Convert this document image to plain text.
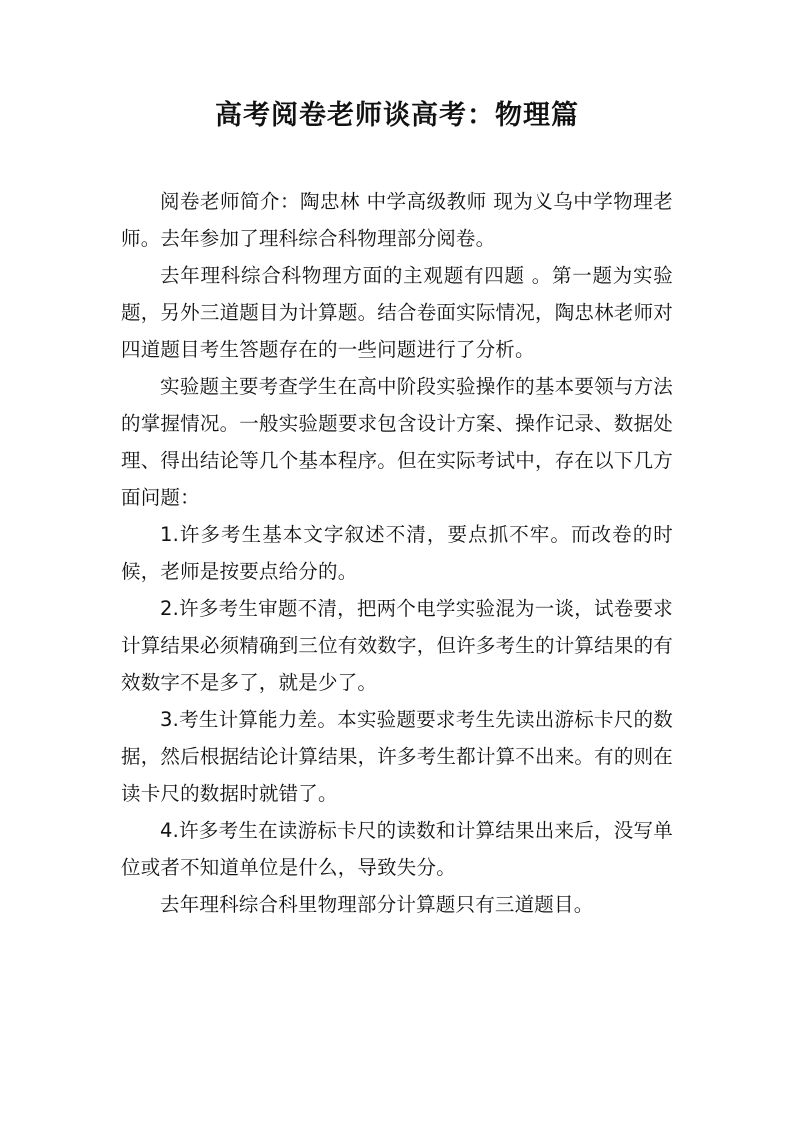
高考阅卷老师谈高考：物理篇

阅卷老师简介：陶忠林 中学高级教师 现为义乌中学物理老师。去年参加了理科综合科物理部分阅卷。

去年理科综合科物理方面的主观题有四题 。第一题为实验题，另外三道题目为计算题。结合卷面实际情况，陶忠林老师对四道题目考生答题存在的一些问题进行了分析。

实验题主要考查学生在高中阶段实验操作的基本要领与方法的掌握情况。一般实验题要求包含设计方案、操作记录、数据处理、得出结论等几个基本程序。但在实际考试中，存在以下几方面问题：

1.许多考生基本文字叙述不清，要点抓不牢。而改卷的时候，老师是按要点给分的。

2.许多考生审题不清，把两个电学实验混为一谈，试卷要求计算结果必须精确到三位有效数字，但许多考生的计算结果的有效数字不是多了，就是少了。

3.考生计算能力差。本实验题要求考生先读出游标卡尺的数据，然后根据结论计算结果，许多考生都计算不出来。有的则在读卡尺的数据时就错了。

4.许多考生在读游标卡尺的读数和计算结果出来后，没写单位或者不知道单位是什么，导致失分。

去年理科综合科里物理部分计算题只有三道题目。
